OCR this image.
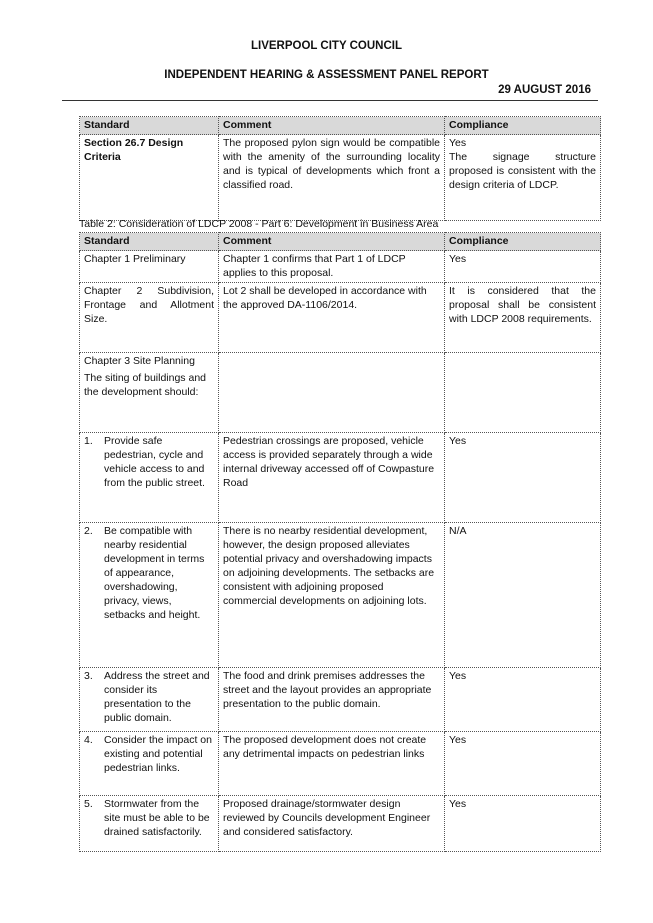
LIVERPOOL CITY COUNCIL
INDEPENDENT HEARING & ASSESSMENT PANEL REPORT
29 AUGUST 2016
Standard	Comment	Compliance
Section 26.7 Design Criteria	The proposed pylon sign would be compatible with the amenity of the surrounding locality and is typical of developments which front a classified road.	Yes
The signage structure proposed is consistent with the design criteria of LDCP.
Table 2: Consideration of LDCP 2008 - Part 6: Development in Business Area
Standard	Comment	Compliance
Chapter 1 Preliminary	Chapter 1 confirms that Part 1 of LDCP applies to this proposal.	Yes
Chapter 2 Subdivision, Frontage and Allotment Size.	Lot 2 shall be developed in accordance with the approved DA-1106/2014.	It is considered that the proposal shall be consistent with LDCP 2008 requirements.

Chapter 3 Site Planning

The siting of buildings and the development should:		

1. Provide safe pedestrian, cycle and vehicle access to and from the public street.	Pedestrian crossings are proposed, vehicle access is provided separately through a wide internal driveway accessed off of Cowpasture Road	Yes

2. Be compatible with nearby residential development in terms of appearance, overshadowing, privacy, views, setbacks and height.	There is no nearby residential development, however, the design proposed alleviates potential privacy and overshadowing impacts on adjoining developments. The setbacks are consistent with adjoining proposed commercial developments on adjoining lots.	N/A

3. Address the street and consider its presentation to the public domain.	The food and drink premises addresses the street and the layout provides an appropriate presentation to the public domain.	Yes

4. Consider the impact on existing and potential pedestrian links.	The proposed development does not create any detrimental impacts on pedestrian links	Yes

5. Stormwater from the site must be able to be drained satisfactorily.	Proposed drainage/stormwater design reviewed by Councils development Engineer and considered satisfactory.	Yes
